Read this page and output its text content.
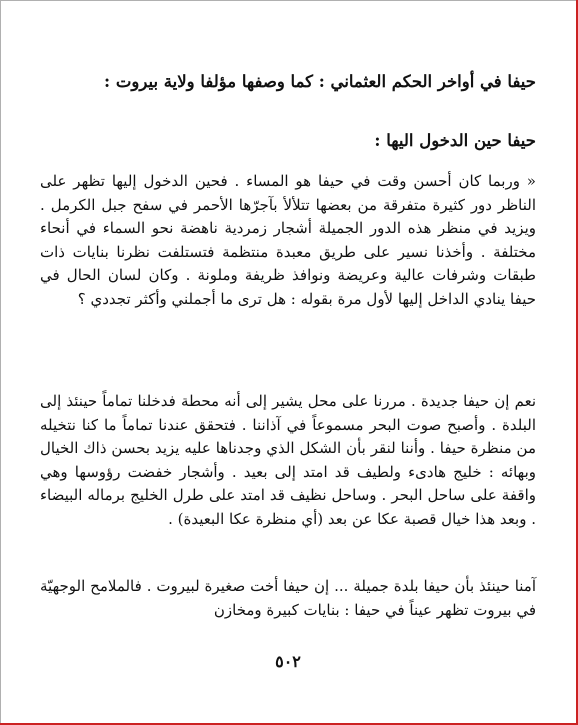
حيفا في أواخر الحكم العثماني : كما وصفها مؤلفا ولاية بيروت :
حيفا حين الدخول اليها :
« وربما كان أحسن وقت في حيفا هو المساء . فحين الدخول إليها تظهر على الناظر دور كثيرة متفرقة من بعضها تتلألأ بآجرّها الأحمر في سفح جبل الكرمل . ويزيد في منظر هذه الدور الجميلة أشجار زمردية ناهضة نحو السماء في أنحاء مختلفة . وأخذنا نسير على طريق معبدة منتظمة فتستلفت نظرنا بنايات ذات طبقات وشرفات عالية وعريضة ونوافذ ظريفة وملونة . وكان لسان الحال في حيفا ينادي الداخل إليها لأول مرة بقوله : هل ترى ما أجملني وأكثر تجددي ؟
نعم إن حيفا جديدة . مررنا على محل يشير إلى أنه محطة فدخلنا تماماً حينئذ إلى البلدة . وأصبح صوت البحر مسموعاً في آذاننا . فتحقق عندنا تماماً ما كنا نتخيله من منظرة حيفا . وأننا لنقر بأن الشكل الذي وجدناها عليه يزيد بحسن ذاك الخيال وبهائه : خليج هادىء ولطيف قد امتد إلى بعيد . وأشجار خفضت رؤوسها وهي واقفة على ساحل البحر . وساحل نظيف قد امتد على طرل الخليج برماله البيضاء . وبعد هذا خيال قصبة عكا عن بعد (أي منظرة عكا البعيدة) .
آمنا حينئذ بأن حيفا بلدة جميلة ... إن حيفا أخت صغيرة لبيروت . فالملامح الوجهيّة في بيروت تظهر عيناً في حيفا : بنايات كبيرة ومخازن
٥٠٢
